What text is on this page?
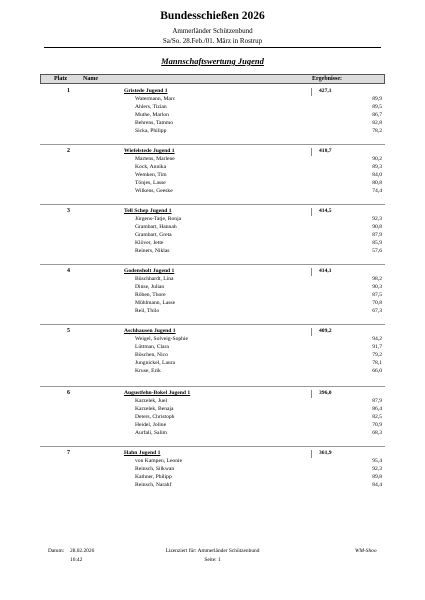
Bundesschießen 2026
Ammerländer Schützenbund
Sa/So. 28.Feb./01. März in Rostrup
Mannschaftswertung Jugend
Platz	Name	Ergebnisse:
1	Gristede Jugend 1	427,1
Watermann, Marc	89,9
Ahlers, Tizian	89,5
Muthe, Marlon	86,7
Behrens, Tammo	82,8
Sicka, Philipp	78,2
2	Wiefelstede Jugend 1	418,7
Martens, Marlene	90,2
Kock, Annika	89,3
Wemken, Tim	84,0
Tönjes, Lasse	80,8
Wilkens, Geeske	74,4
3	Tell Schep Jugend 1	414,5
Jürgens-Tatje, Ronja	92,3
Grambart, Hannah	90,8
Grambart, Greta	87,9
Klöver, Jette	85,9
Reiners, Niklas	57,6
4	Godensholt Jugend 1	414,1
Büschhardt, Lina	98,2
Dinse, Julian	90,3
Röben, Thore	87,5
Mühlmann, Lasse	70,8
Reil, Thilo	67,3
5	Aschhausen Jugend 1	409,2
Weigel, Solveig-Sophie	94,2
Lüttman, Clara	91,7
Böschen, Nico	79,2
Jungnickel, Laura	78,1
Kruse, Erik	66,0
6	Augustfehn-Bokel Jugend 1	396,0
Karzelek, Juel	87,9
Karzelek, Benaja	86,4
Deters, Christoph	82,5
Heidel, Joline	70,9
Aurfali, Salim	68,3
7	Hahn Jugend 1	361,9
von Kampen, Leonie	95,4
Reinsch, Silkwan	92,3
Kathner, Philipp	89,8
Reinsch, Narahf	84,4
Datum: 28.02.2026
16:42
Lizenziert für: Ammerländer Schützenbund
Seite: 1
WM-Shoo
